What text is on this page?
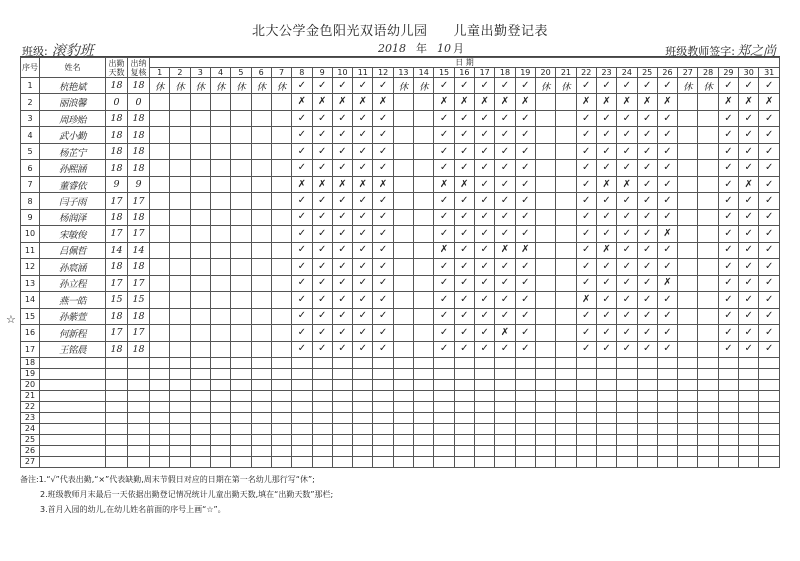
北大公学金色阳光双语幼儿园 儿童出勤登记表
班级: 滚豹班	2018 年 10 月	班级教师签字: 郑之尚
序号	姓名	出勤天数	出纳复核	日 期																														
				1	2	3	4	5	6	7	8	9	10	11	12	13	14	15	16	17	18	19	20	21	22	23	24	25	26	27	28	29	30	31
1	杭艳斌	18	18	休	休	休	休	休	休	休	✓	✓	✓	✓	✓	休	休	✓	✓	✓	✓	✓	休	休	✓	✓	✓	✓	✓	休	休	✓	✓	✓
2	丽浪馨	0	0								✗	✗	✗	✗	✗			✗	✗	✗	✗	✗			✗	✗	✗	✗	✗			✗	✗	✗
3	周珍贻	18	18								✓	✓	✓	✓	✓			✓	✓	✓	✓	✓			✓	✓	✓	✓	✓			✓	✓	✓
4	武小勤	18	18								✓	✓	✓	✓	✓			✓	✓	✓	✓	✓			✓	✓	✓	✓	✓			✓	✓	✓
5	杨芷宁	18	18								✓	✓	✓	✓	✓			✓	✓	✓	✓	✓			✓	✓	✓	✓	✓			✓	✓	✓
6	孙熙涵	18	18								✓	✓	✓	✓	✓			✓	✓	✓	✓	✓			✓	✓	✓	✓	✓			✓	✓	✓
7	董睿依	9	9								✗	✗	✗	✗	✗			✗	✗	✓	✓	✓			✓	✗	✗	✓	✓			✓	✗	✓
8	闫子雨	17	17								✓	✓	✓	✓	✓			✓	✓	✓	✓	✓			✓	✓	✓	✓	✓			✓	✓	✓
9	杨润泽	18	18								✓	✓	✓	✓	✓			✓	✓	✓	✓	✓			✓	✓	✓	✓	✓			✓	✓	✓
10	宋敏俊	17	17								✓	✓	✓	✓	✓			✓	✓	✓	✓	✓			✓	✓	✓	✓	✗			✓	✓	✓
11	吕佩哲	14	14								✓	✓	✓	✓	✓			✗	✓	✓	✗	✗			✓	✗	✓	✓	✓			✓	✓	✓
12	孙宸涵	18	18								✓	✓	✓	✓	✓			✓	✓	✓	✓	✓			✓	✓	✓	✓	✓			✓	✓	✓
13	孙立程	17	17								✓	✓	✓	✓	✓			✓	✓	✓	✓	✓			✓	✓	✓	✓	✗			✓	✓	✓
14	燕一皓	15	15								✓	✓	✓	✓	✓			✓	✓	✓	✓	✓			✗	✓	✓	✓	✓			✓	✓	✓
15	孙紫萱	18	18								✓	✓	✓	✓	✓			✓	✓	✓	✓	✓			✓	✓	✓	✓	✓			✓	✓	✓
16	何新程	17	17								✓	✓	✓	✓	✓			✓	✓	✓	✗	✓			✓	✓	✓	✓	✓			✓	✓	✓
17	王铭晨	18	18								✓	✓	✓	✓	✓			✓	✓	✓	✓	✓			✓	✓	✓	✓	✓			✓	✓	✓
18																																		
19																																		
20																																		
21																																		
22																																		
23																																		
24																																		
25																																		
26																																		
27																																		
☆
备注:1.“√”代表出勤,“×”代表缺勤,周末节假日对应的日期在第一名幼儿那行写“休”;
2.班级教师月末最后一天依据出勤登记情况统计儿童出勤天数,填在“出勤天数”那栏;
3.首月入园的幼儿,在幼儿姓名前面的序号上画“☆”。
